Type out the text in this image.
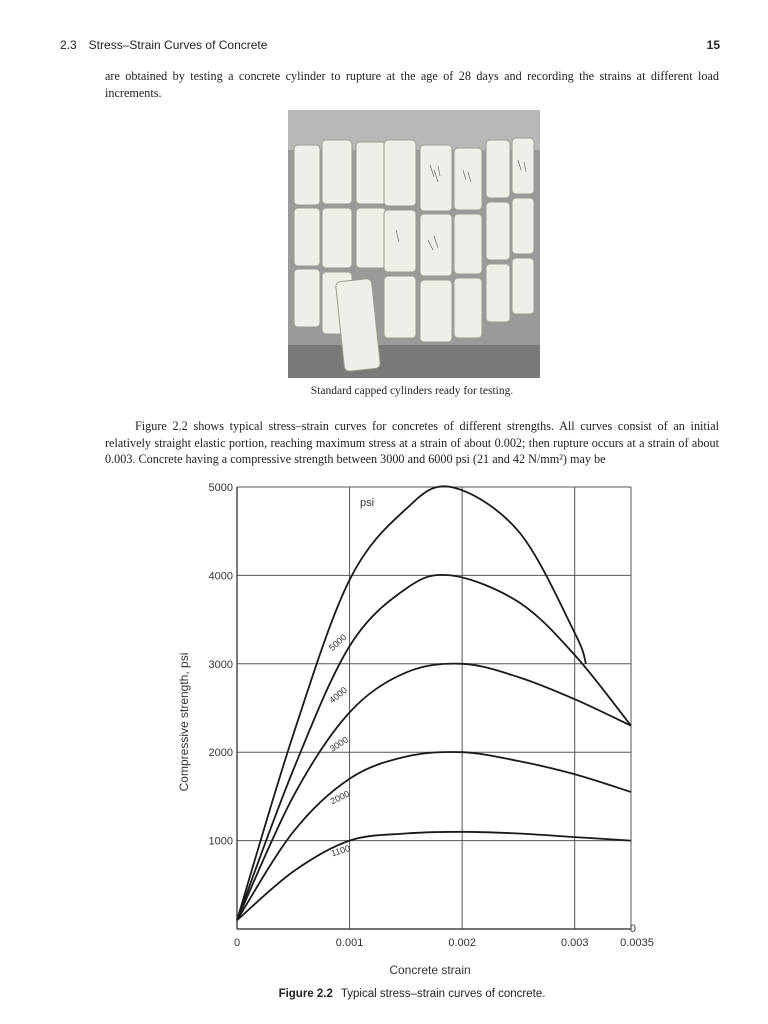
2.3 Stress–Strain Curves of Concrete	15

are obtained by testing a concrete cylinder to rupture at the age of 28 days and recording the strains at different load increments.

Standard capped cylinders ready for testing.

Figure 2.2 shows typical stress–strain curves for concretes of different strengths. All curves consist of an initial relatively straight elastic portion, reaching maximum stress at a strain of about 0.002; then rupture occurs at a strain of about 0.003. Concrete having a compressive strength between 3000 and 6000 psi (21 and 42 N/mm²) may be

5000
4000
3000
2000
1100
0	0.001	0.002	0.003	0.0035
1000
2000
3000
4000
5000
Compressive strength, psi
Concrete strain
psi
0
Figure 2.2 Typical stress–strain curves of concrete.
